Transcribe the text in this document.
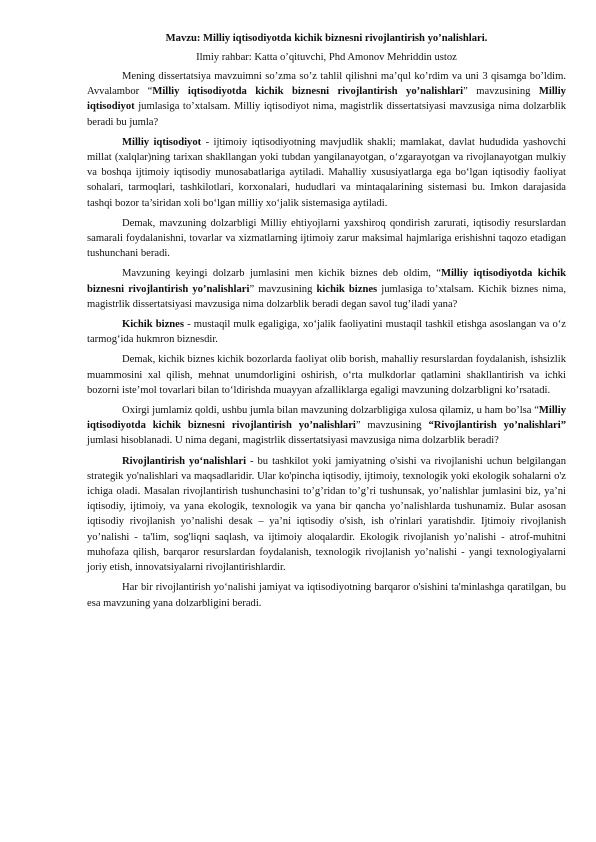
Mavzu: Milliy iqtisodiyotda kichik biznesni rivojlantirish yo’nalishlari.
Ilmiy rahbar: Katta o’qituvchi, Phd Amonov Mehriddin ustoz

Mening dissertatsiya mavzuimni so’zma so’z tahlil qilishni ma’qul ko’rdim va uni 3 qisamga bo’ldim. Avvalambor “Milliy iqtisodiyotda kichik biznesni rivojlantirish yo’nalishlari” mavzusining Milliy iqtisodiyot jumlasiga to’xtalsam. Milliy iqtisodiyot nima, magistrlik dissertatsiyasi mavzusiga nima dolzarblik beradi bu jumla?

Milliy iqtisodiyot - ijtimoiy iqtisodiyotning mavjudlik shakli; mamlakat, davlat hududida yashovchi millat (xalqlar)ning tarixan shakllangan yoki tubdan yangilanayotgan, o‘zgarayotgan va rivojlanayotgan mulkiy va boshqa ijtimoiy iqtisodiy munosabatlariga aytiladi. Mahalliy xususiyatlarga ega bo‘lgan iqtisodiy faoliyat sohalari, tarmoqlari, tashkilotlari, korxonalari, hududlari va mintaqalarining sistemasi bu. Imkon darajasida tashqi bozor ta’siridan xoli bo‘lgan milliy xo‘jalik sistemasiga aytiladi.

Demak, mavzuning dolzarbligi Milliy ehtiyojlarni yaxshiroq qondirish zarurati, iqtisodiy resurslardan samarali foydalanishni, tovarlar va xizmatlarning ijtimoiy zarur maksimal hajmlariga erishishni taqozo etadigan tushunchani beradi.

Mavzuning keyingi dolzarb jumlasini men kichik biznes deb oldim, “Milliy iqtisodiyotda kichik biznesni rivojlantirish yo’nalishlari” mavzusining kichik biznes jumlasiga to’xtalsam. Kichik biznes nima, magistrlik dissertatsiyasi mavzusiga nima dolzarblik beradi degan savol tug’iladi yana?

Kichik biznes - mustaqil mulk egaligiga, xo‘jalik faoliyatini mustaqil tashkil etishga asoslangan va o‘z tarmog‘ida hukmron biznesdir.

Demak, kichik biznes kichik bozorlarda faoliyat olib borish, mahalliy resurslardan foydalanish, ishsizlik muammosini xal qilish, mehnat unumdorligini oshirish, o‘rta mulkdorlar qatlamini shakllantirish va ichki bozorni iste’mol tovarlari bilan to‘ldirishda muayyan afzalliklarga egaligi mavzuning dolzarbligni ko’rsatadi.

Oxirgi jumlamiz qoldi, ushbu jumla bilan mavzuning dolzarbligiga xulosa qilamiz, u ham bo’lsa “Milliy iqtisodiyotda kichik biznesni rivojlantirish yo’nalishlari” mavzusining “Rivojlantirish yo’nalishlari” jumlasi hisoblanadi. U nima degani, magistrlik dissertatsiyasi mavzusiga nima dolzarblik beradi?

Rivojlantirish yo‘nalishlari - bu tashkilot yoki jamiyatning o'sishi va rivojlanishi uchun belgilangan strategik yo'nalishlari va maqsadlaridir. Ular ko'pincha iqtisodiy, ijtimoiy, texnologik yoki ekologik sohalarni o'z ichiga oladi. Masalan rivojlantirish tushunchasini to’g’ridan to’g’ri tushunsak, yo’nalishlar jumlasini biz, ya’ni iqtisodiy, ijtimoiy, va yana ekologik, texnologik va yana bir qancha yo’nalishlarda tushunamiz. Bular asosan iqtisodiy rivojlanish yo’nalishi desak – ya’ni iqtisodiy o'sish, ish o'rinlari yaratishdir. Ijtimoiy rivojlanish yo’nalishi - ta'lim, sog'liqni saqlash, va ijtimoiy aloqalardir. Ekologik rivojlanish yo’nalishi - atrof-muhitni muhofaza qilish, barqaror resurslardan foydalanish, texnologik rivojlanish yo’nalishi - yangi texnologiyalarni joriy etish, innovatsiyalarni rivojlantirishlardir.

Har bir rivojlantirish yo‘nalishi jamiyat va iqtisodiyotning barqaror o'sishini ta'minlashga qaratilgan, bu esa mavzuning yana dolzarbligini beradi.
